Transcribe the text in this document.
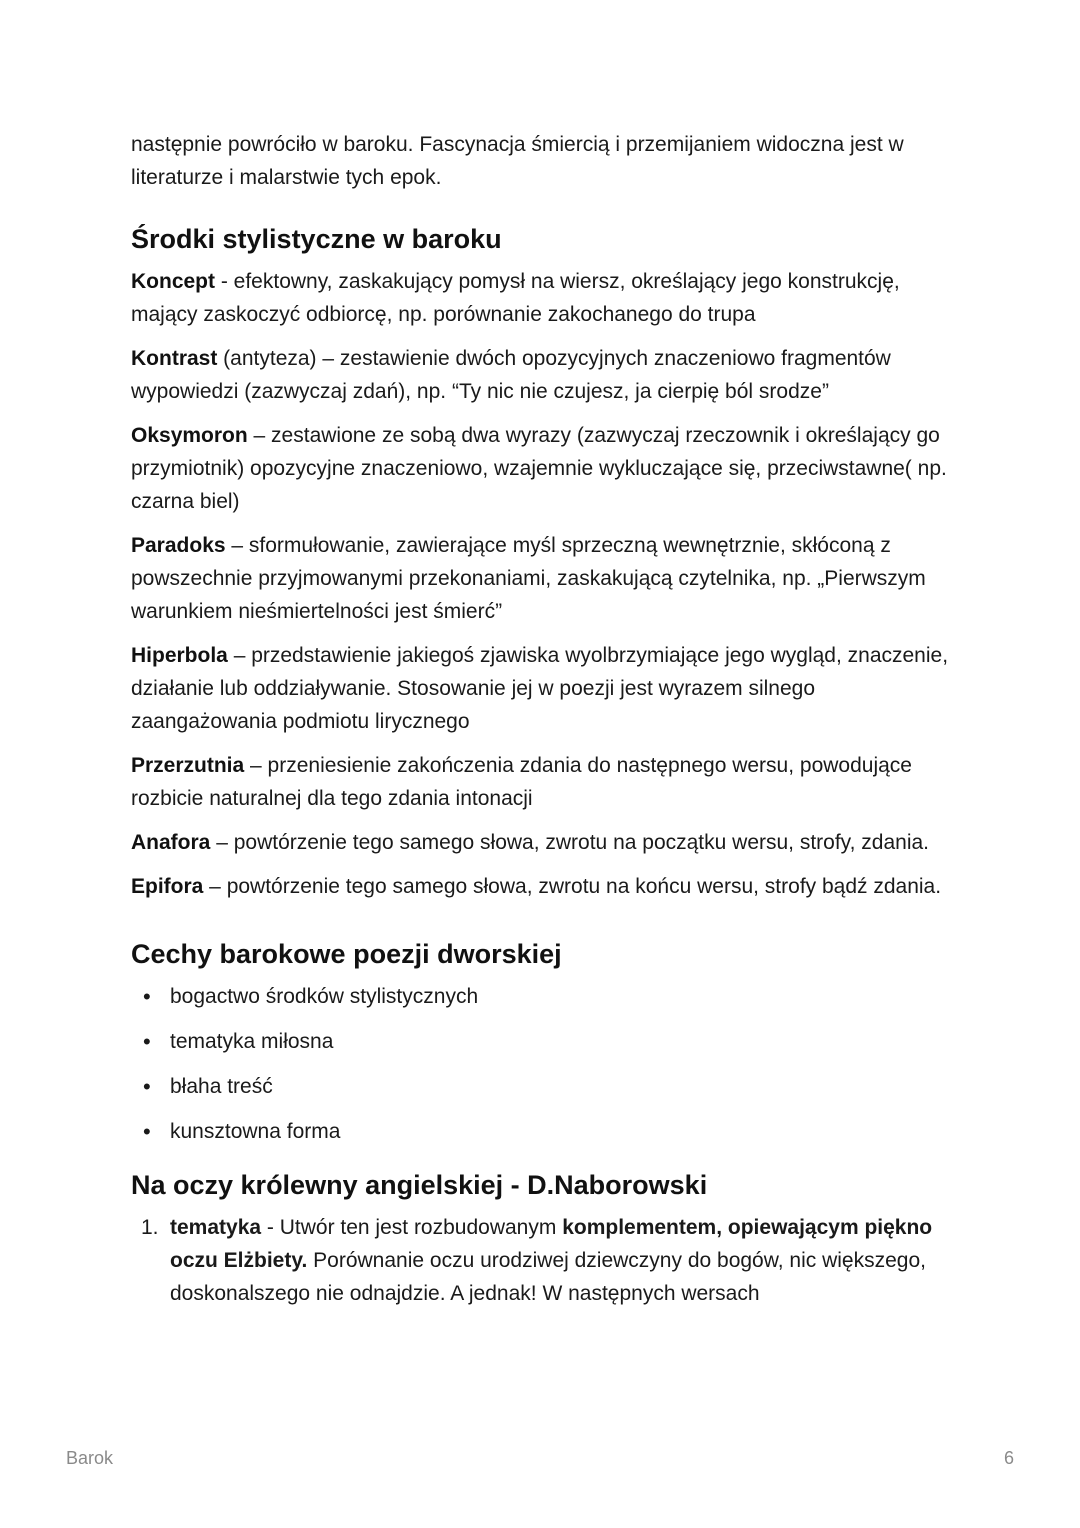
następnie powróciło w baroku. Fascynacja śmiercią i przemijaniem widoczna jest w literaturze i malarstwie tych epok.

Środki stylistyczne w baroku

Koncept - efektowny, zaskakujący pomysł na wiersz, określający jego konstrukcję, mający zaskoczyć odbiorcę, np. porównanie zakochanego do trupa

Kontrast (antyteza) – zestawienie dwóch opozycyjnych znaczeniowo fragmentów wypowiedzi (zazwyczaj zdań), np. “Ty nic nie czujesz, ja cierpię ból srodze”

Oksymoron – zestawione ze sobą dwa wyrazy (zazwyczaj rzeczownik i określający go przymiotnik) opozycyjne znaczeniowo, wzajemnie wykluczające się, przeciwstawne( np. czarna biel)

Paradoks – sformułowanie, zawierające myśl sprzeczną wewnętrznie, skłóconą z powszechnie przyjmowanymi przekonaniami, zaskakującą czytelnika, np. „Pierwszym warunkiem nieśmiertelności jest śmierć”

Hiperbola – przedstawienie jakiegoś zjawiska wyolbrzymiające jego wygląd, znaczenie, działanie lub oddziaływanie. Stosowanie jej w poezji jest wyrazem silnego zaangażowania podmiotu lirycznego

Przerzutnia – przeniesienie zakończenia zdania do następnego wersu, powodujące rozbicie naturalnej dla tego zdania intonacji

Anafora – powtórzenie tego samego słowa, zwrotu na początku wersu, strofy, zdania.

Epifora – powtórzenie tego samego słowa, zwrotu na końcu wersu, strofy bądź zdania.

Cechy barokowe poezji dworskiej
• bogactwo środków stylistycznych
• tematyka miłosna
• błaha treść
• kunsztowna forma
Na oczy królewny angielskiej - D.Naborowski
1. tematyka - Utwór ten jest rozbudowanym komplementem, opiewającym piękno oczu Elżbiety. Porównanie oczu urodziwej dziewczyny do bogów, nic większego, doskonalszego nie odnajdzie. A jednak! W następnych wersach
Barok	6
